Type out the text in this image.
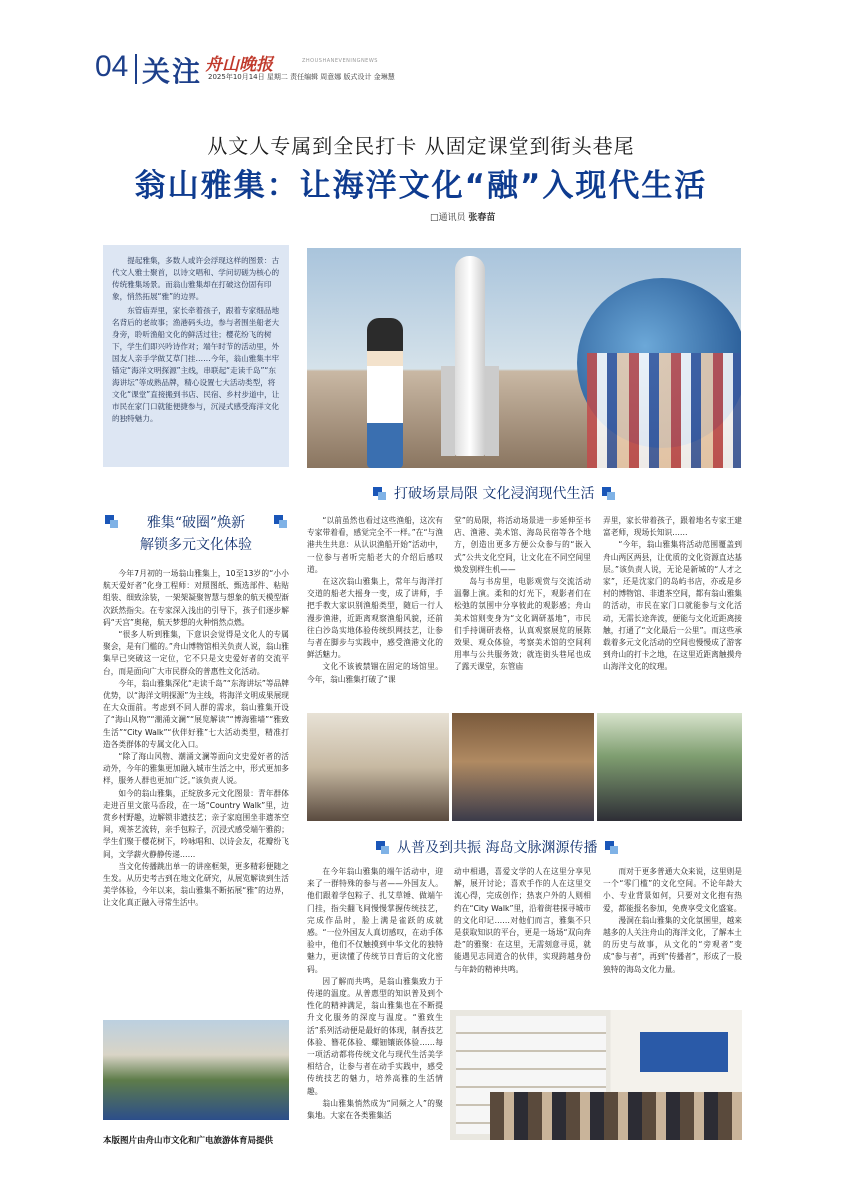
04 关注 舟山晚报	ZHOUSHANEVENINGNEWS
2025年10月14日 星期二 责任编辑 周意娜 版式设计 金琳慧
从文人专属到全民打卡 从固定课堂到街头巷尾
翁山雅集：让海洋文化“融”入现代生活
□通讯员 张春苗

提起雅集，多数人或许会浮现这样的图景：古代文人雅士聚首，以诗文唱和、学问切磋为核心的传统雅集场景。而翁山雅集却在打破这份固有印象，悄然拓展“雅”的边界。

东管庙弄里，家长牵着孩子，跟着专家细品地名背后的老故事；渔港码头边，参与者围坐船老大身旁，聆听渔船文化的鲜活过往；樱花纷飞的树下，学生们即兴吟诗作对；端午时节的活动里，外国友人亲手学做艾草门挂……今年，翁山雅集丰牢锚定“海洋文明探源”主线，串联起“走读千岛”“东海讲坛”等成熟品牌，精心设置七大活动类型，将文化“课堂”直接搬到书店、民宿、乡村步道中，让市民在家门口就能便捷参与，沉浸式感受海洋文化的独特魅力。

打破场景局限 文化浸润现代生活
雅集“破圈”焕新
解锁多元文化体验

今年7月初的一场翁山雅集上，10至13岁的“小小航天爱好者”化身工程师：对照图纸、甄选部件、粘贴组装、细致涂装，一架架凝聚智慧与想象的航天模型渐次跃然指尖。在专家深入浅出的引导下，孩子们逐步解码“天宫”奥秘，航天梦想的火种悄然点燃。

“很多人听到雅集，下意识会觉得是文化人的专属聚会，是有门槛的。”舟山博物馆相关负责人说，翁山雅集早已突破这一定位，它不只是文史爱好者的交流平台，而是面向广大市民群众的普惠性文化活动。

今年，翁山雅集深化“走读千岛”“东海讲坛”等品牌优势，以“海洋文明探源”为主线，将海洋文明成果展现在大众面前。考虑到不同人群的需求，翁山雅集开设了“海山风物”“潮涌文澜”“展览解读”“博海雅墙”“雅致生活”“City Walk”“伙伴好雅”七大活动类型，精准打造各类群体的专属文化入口。

“除了海山风物、潮涌文澜等面向文史爱好者的活动外，今年的雅集更加融入城市生活之中，形式更加多样，服务人群也更加广泛。”该负责人说。

如今的翁山雅集，正绽放多元文化图景：青年群体走进百里文旅马岙段，在一场“Country Walk”里，边赏乡村野趣，边解锁非遗技艺；亲子家庭围坐非遗茶空间，观茶艺流转，亲手包粽子，沉浸式感受端午雅韵；学生们聚于樱花树下，吟咏唱和、以诗会友，花瓣纷飞间，文学薪火静静传递……

当文化传播跳出单一的讲座框架，更多精彩便随之生发。从历史考古到在地文化研究，从展览解读到生活美学体验，今年以来，翁山雅集不断拓展“雅”的边界，让文化真正融入寻常生活中。

“以前虽然也看过这些渔船，这次有专家带着看，感觉完全不一样。”在“与渔港共生共息：从认识渔船开始”活动中，一位参与者听完船老大的介绍后感叹道。

在这次翁山雅集上，常年与海洋打交道的船老大摇身一变，成了讲师，手把手教大家识别渔船类型，随后一行人漫步渔港，近距离观察渔船风貌，还前往白沙岛实地体验传统织网技艺，让参与者在脚步与实践中，感受渔港文化的鲜活魅力。

文化不该被禁锢在固定的场馆里。今年，翁山雅集打破了“课

堂”的局限，将活动场景进一步延伸至书店、渔港、美术馆、海岛民宿等各个地方，创造出更多方便公众参与的“嵌入式”公共文化空间，让文化在不同空间里焕发别样生机——

岛与书房里，电影观赏与交流活动温馨上演。柔和的灯光下，观影者们在松弛的氛围中分享彼此的观影感；舟山美术馆则变身为“文化调研基地”，市民们手持调研表格，认真观察展览的展陈效果、观众体验，考察美术馆的空间利用率与公共服务效；就连街头巷尾也成了露天课堂，东管庙

弄里，家长带着孩子，跟着地名专家王建富老师，现场长知识……

“今年，翁山雅集将活动范围覆盖到舟山两区两县，让优质的文化资源直达基层。”该负责人说，无论是新城的“人才之家”，还是沈家门的岛屿书店，亦或是乡村的博物馆、非遗茶空间，都有翁山雅集的活动，市民在家门口就能参与文化活动，无需长途奔波，便能与文化近距离接触，打通了“文化最后一公里”。而这些承载着多元文化活动的空间也慢慢成了游客到舟山的打卡之地，在这里近距离触摸舟山海洋文化的纹理。

从普及到共振 海岛文脉渊源传播

在今年翁山雅集的端午活动中，迎来了一群特殊的参与者——外国友人。他们跟着学包粽子、扎艾草锤、做端午门挂，指尖翻飞间慢慢掌握传统技艺，完成作品时，脸上满是雀跃的成就感。“一位外国友人真切感叹，在动手体验中，他们不仅触摸到中华文化的独特魅力，更读懂了传统节日背后的文化密码。

因了解而共鸣，是翁山雅集致力于传递的温度。从普惠型的知识普及到个性化的精神满足，翁山雅集也在不断提升文化服务的深度与温度。“雅致生活”系列活动便是最好的体现，制香技艺体验、簪花体验、螺钿镶嵌体验……每一项活动都将传统文化与现代生活美学相结合，让参与者在动手实践中，感受传统技艺的魅力，培养高雅的生活情趣。

翁山雅集悄然成为“同频之人”的聚集地。大家在各类雅集活

动中相遇，喜爱文学的人在这里分享见解，展开讨论；喜欢手作的人在这里交流心得，完成创作；热衷户外的人则相约在“City Walk”里，沿着街巷探寻城市的文化印记……对他们而言，雅集不只是获取知识的平台，更是一场场“双向奔赴”的雅聚：在这里，无需刻意寻觅，就能遇见志同道合的伙伴，实现跨越身份与年龄的精神共鸣。

而对于更多普通大众来说，这里则是一个“零门槛”的文化空间。不论年龄大小、专业背景如何，只要对文化抱有热爱，都能报名参加，免费享受文化盛宴。

漫洞在翁山雅集的文化氛围里，越来越多的人关注舟山的海洋文化，了解本土的历史与故事，从文化的“旁观者”变成“参与者”，再到“传播者”，形成了一股独特的海岛文化力量。

本版图片由舟山市文化和广电旅游体育局提供
